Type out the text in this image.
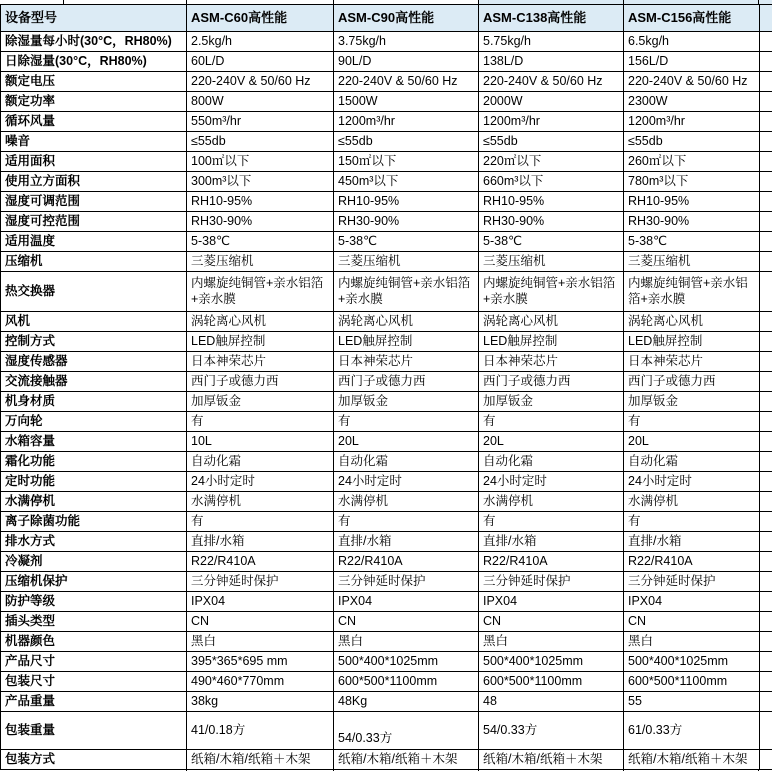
设备型号	ASM-C60高性能	ASM-C90高性能	ASM-C138高性能	ASM-C156高性能	
除湿量每小时(30°C，RH80%)	2.5kg/h	3.75kg/h	5.75kg/h	6.5kg/h	
日除湿量(30°C，RH80%)	60L/D	90L/D	138L/D	156L/D	
额定电压	220-240V & 50/60 Hz	220-240V & 50/60 Hz	220-240V & 50/60 Hz	220-240V & 50/60 Hz	
额定功率	800W	1500W	2000W	2300W	
循环风量	550m³/hr	1200m³/hr	1200m³/hr	1200m³/hr	
噪音	≤55db	≤55db	≤55db	≤55db	
适用面积	100㎡以下	150㎡以下	220㎡以下	260㎡以下	
使用立方面积	300m³以下	450m³以下	660m³以下	780m³以下	
湿度可调范围	RH10-95%	RH10-95%	RH10-95%	RH10-95%	
湿度可控范围	RH30-90%	RH30-90%	RH30-90%	RH30-90%	
适用温度	5-38℃	5-38℃	5-38℃	5-38℃	
压缩机	三菱压缩机	三菱压缩机	三菱压缩机	三菱压缩机	
热交换器	内螺旋纯铜管+亲水铝箔+亲水膜	内螺旋纯铜管+亲水铝箔+亲水膜	内螺旋纯铜管+亲水铝箔+亲水膜	内螺旋纯铜管+亲水铝箔+亲水膜	
风机	涡轮离心风机	涡轮离心风机	涡轮离心风机	涡轮离心风机	
控制方式	LED触屏控制	LED触屏控制	LED触屏控制	LED触屏控制	
湿度传感器	日本神荣芯片	日本神荣芯片	日本神荣芯片	日本神荣芯片	
交流接触器	西门子或德力西	西门子或德力西	西门子或德力西	西门子或德力西	
机身材质	加厚钣金	加厚钣金	加厚钣金	加厚钣金	
万向轮	有	有	有	有	
水箱容量	10L	20L	20L	20L	
霜化功能	自动化霜	自动化霜	自动化霜	自动化霜	
定时功能	24小时定时	24小时定时	24小时定时	24小时定时	
水满停机	水满停机	水满停机	水满停机	水满停机	
离子除菌功能	有	有	有	有	
排水方式	直排/水箱	直排/水箱	直排/水箱	直排/水箱	
冷凝剂	R22/R410A	R22/R410A	R22/R410A	R22/R410A	
压缩机保护	三分钟延时保护	三分钟延时保护	三分钟延时保护	三分钟延时保护	
防护等级	IPX04	IPX04	IPX04	IPX04	
插头类型	CN	CN	CN	CN	
机器颜色	黑白	黑白	黑白	黑白	
产品尺寸	395*365*695 mm	500*400*1025mm	500*400*1025mm	500*400*1025mm	
包装尺寸	490*460*770mm	600*500*1100mm	600*500*1100mm	600*500*1100mm	
产品重量	38kg	48Kg	48	55	
包装重量	41/0.18方	54/0.33方	54/0.33方	61/0.33方	
包装方式	纸箱/木箱/纸箱＋木架	纸箱/木箱/纸箱＋木架	纸箱/木箱/纸箱＋木架	纸箱/木箱/纸箱＋木架	
